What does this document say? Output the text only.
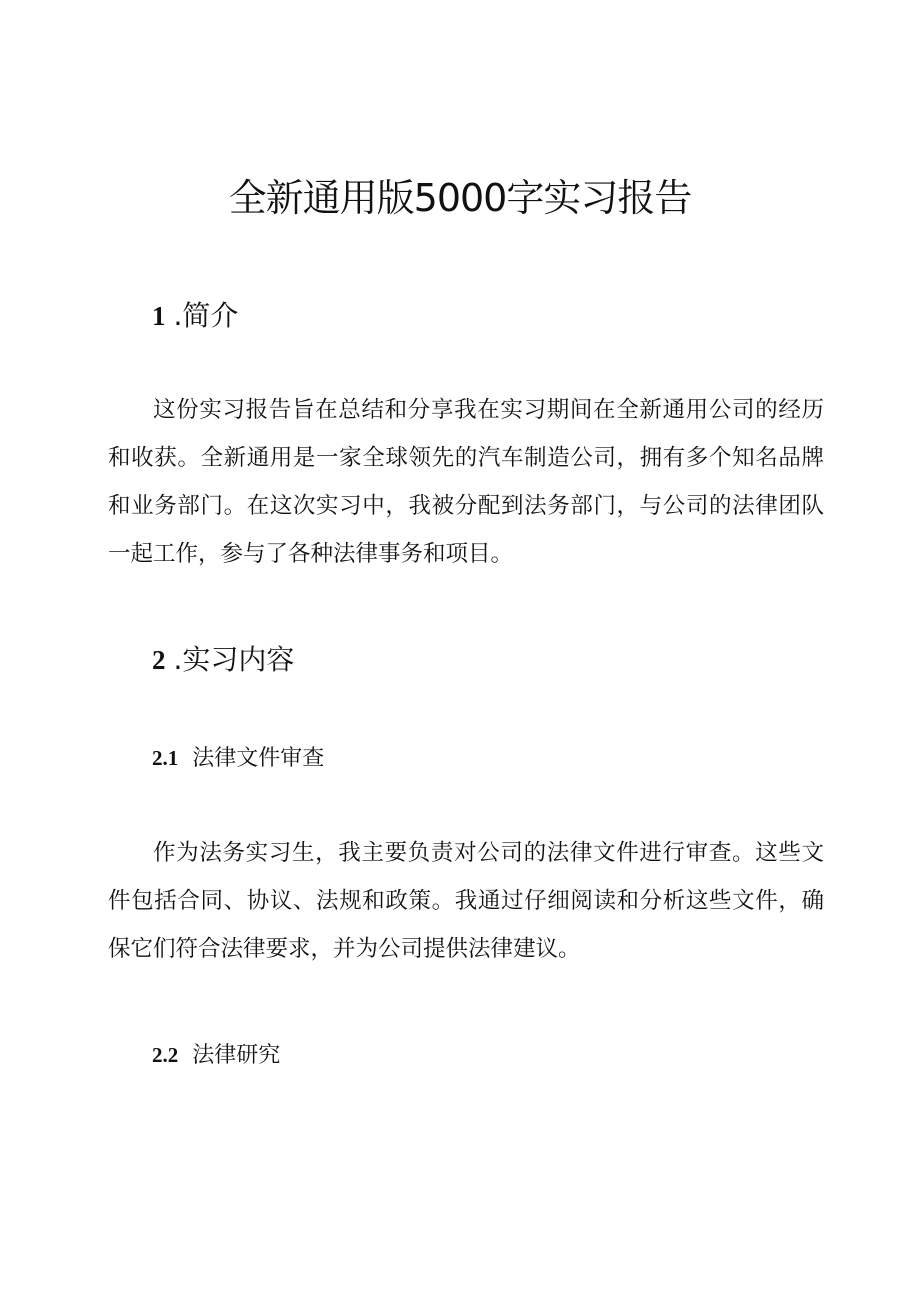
全新通用版5000字实习报告
1 .简介

这份实习报告旨在总结和分享我在实习期间在全新通用公司的经历和收获。全新通用是一家全球领先的汽车制造公司，拥有多个知名品牌和业务部门。在这次实习中，我被分配到法务部门，与公司的法律团队一起工作，参与了各种法律事务和项目。

2 .实习内容
2.1 法律文件审查

作为法务实习生，我主要负责对公司的法律文件进行审查。这些文件包括合同、协议、法规和政策。我通过仔细阅读和分析这些文件，确保它们符合法律要求，并为公司提供法律建议。

2.2 法律研究
